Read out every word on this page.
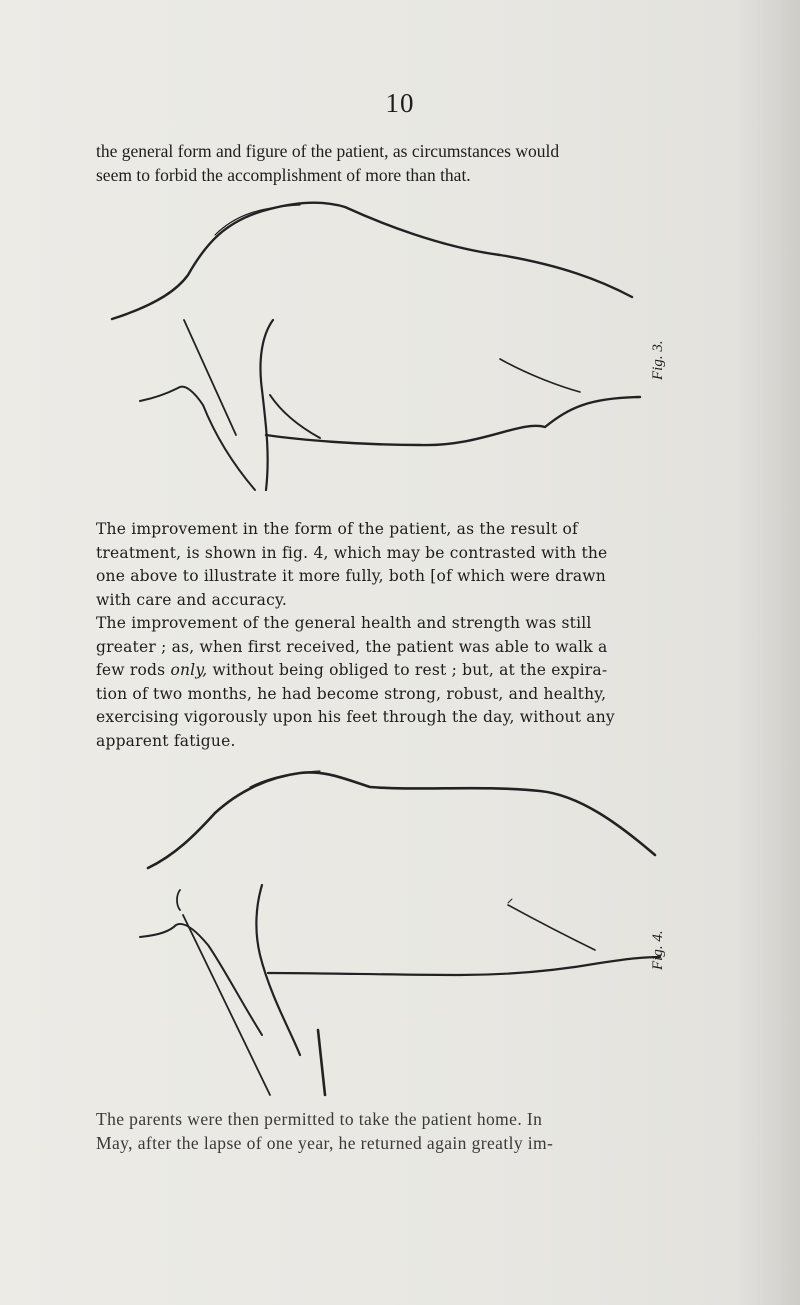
10
the general form and figure of the patient, as circumstances would
seem to forbid the accomplishment of more than that.
Fig. 3.
The improvement in the form of the patient, as the result of
treatment, is shown in fig. 4, which may be contrasted with the
one above to illustrate it more fully, both [of which were drawn
with care and accuracy.
The improvement of the general health and strength was still
greater ; as, when first received, the patient was able to walk a
few rods only, without being obliged to rest ; but, at the expira-
tion of two months, he had become strong, robust, and healthy,
exercising vigorously upon his feet through the day, without any
apparent fatigue.
Fig. 4.
The parents were then permitted to take the patient home. In
May, after the lapse of one year, he returned again greatly im-
